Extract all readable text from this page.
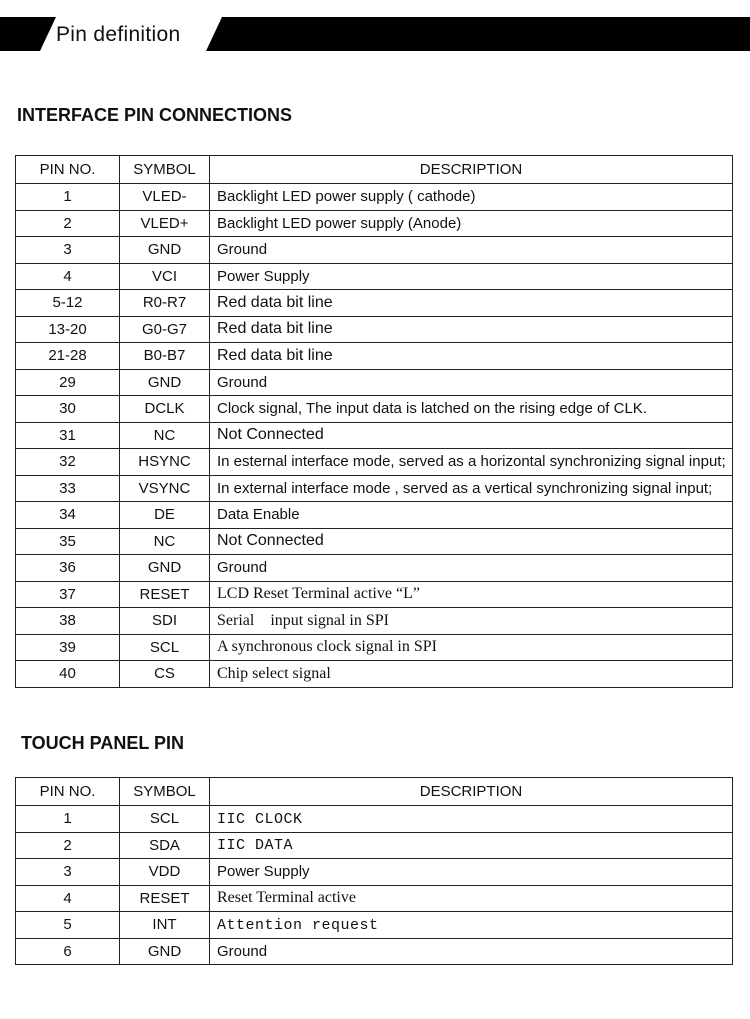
Pin definition
INTERFACE PIN CONNECTIONS
PIN NO.	SYMBOL	DESCRIPTION
1	VLED-	Backlight LED power supply ( cathode)
2	VLED+	Backlight LED power supply (Anode)
3	GND	Ground
4	VCI	Power Supply
5-12	R0-R7	Red data bit line
13-20	G0-G7	Red data bit line
21-28	B0-B7	Red data bit line
29	GND	Ground
30	DCLK	Clock signal, The input data is latched on the rising edge of CLK.
31	NC	Not Connected
32	HSYNC	In esternal interface mode, served as a horizontal synchronizing signal input;
33	VSYNC	In external interface mode , served as a vertical synchronizing signal input;
34	DE	Data Enable
35	NC	Not Connected
36	GND	Ground
37	RESET	LCD Reset Terminal active “L”
38	SDI	Serial    input signal in SPI
39	SCL	A synchronous clock signal in SPI
40	CS	Chip select signal
TOUCH PANEL PIN
PIN NO.	SYMBOL	DESCRIPTION
1	SCL	IIC CLOCK
2	SDA	IIC DATA
3	VDD	Power Supply
4	RESET	Reset Terminal active
5	INT	Attention request
6	GND	Ground
